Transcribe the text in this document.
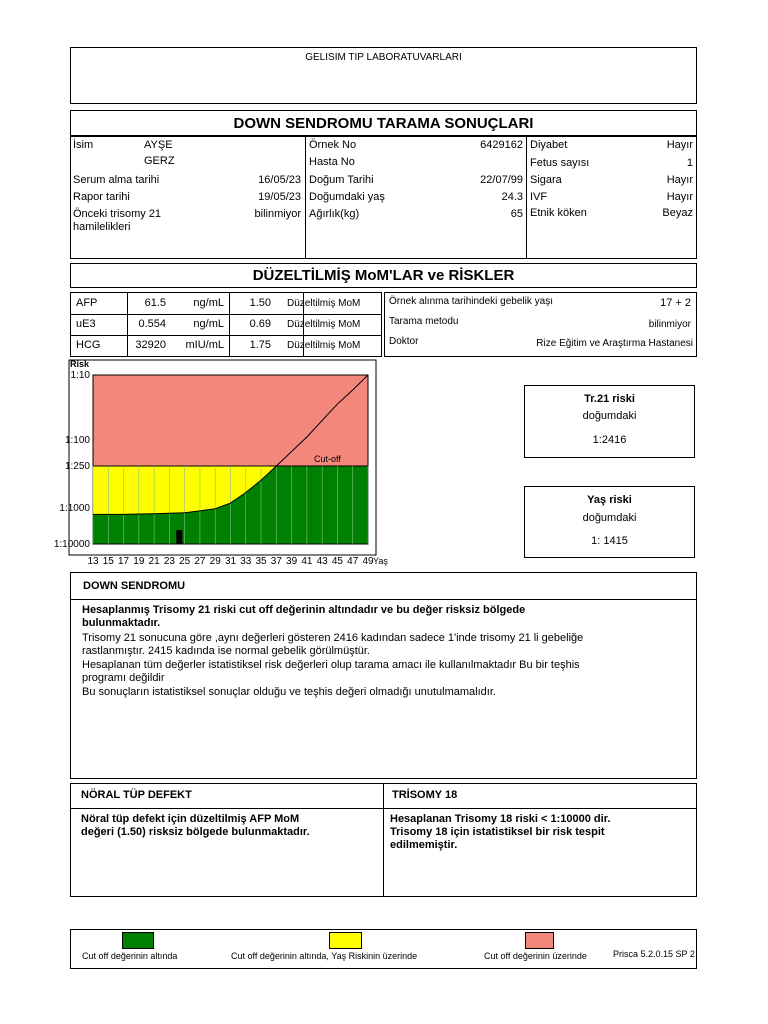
GELISIM TIP LABORATUVARLARI
DOWN SENDROMU TARAMA SONUÇLARI
İsim	AYŞE
GERZ
Serum alma tarihi	16/05/23
Rapor tarihi	19/05/23
Önceki trisomy 21
hamilelikleri
bilinmiyor
Örnek No	6429162
Hasta No
Doğum Tarihi	22/07/99
Doğumdaki yaş	24.3
Ağırlık(kg)	65
Diyabet	Hayır
Fetus sayısı	1
Sigara	Hayır
IVF	Hayır
Etnik köken	Beyaz
DÜZELTİLMİŞ MoM'LAR ve RİSKLER
AFP	61.5	ng/mL	1.50 Düzeltilmiş MoM
uE3	0.554	ng/mL	0.69 Düzeltilmiş MoM
HCG	32920	mIU/mL	1.75 Düzeltilmiş MoM
Örnek alınma tarihindeki gebelik yaşı	17 + 2
Tarama metodu	bilinmiyor
Doktor	Rize Eğitim ve Araştırma Hastanesi
1:10
1:100
1:250
1:1000
1:10000
13 15 17 19 21 23 25 27 29 31 33 35 37 39 41 43 45 47 49
Risk
Yaş
Cut-off
Tr.21 riski
doğumdaki
1:2416
Yaş riski
doğumdaki
1: 1415
DOWN SENDROMU
Hesaplanmış Trisomy 21 riski cut off değerinin altındadır ve bu değer risksiz bölgede
bulunmaktadır.
Trisomy 21 sonucuna göre ,aynı değerleri gösteren 2416 kadından sadece 1'inde trisomy 21 li gebeliğe
rastlanmıştır. 2415 kadında ise normal gebelik görülmüştür.
Hesaplanan tüm değerler istatistiksel risk değerleri olup tarama amacı ile kullanılmaktadır Bu bir teşhis
programı değildir
Bu sonuçların istatistiksel sonuçlar olduğu ve teşhis değeri olmadığı unutulmamalıdır.
NÖRAL TÜP DEFEKT
Nöral tüp defekt için düzeltilmiş AFP MoM
değeri (1.50) risksiz bölgede bulunmaktadır.
TRİSOMY 18
Hesaplanan Trisomy 18 riski < 1:10000 dir.
Trisomy 18 için istatistiksel bir risk tespit
edilmemiştir.
Cut off değerinin altında	Cut off değerinin altında, Yaş Riskinin üzerinde	Cut off değerinin üzerinde	Prisca 5.2.0.15 SP 2
